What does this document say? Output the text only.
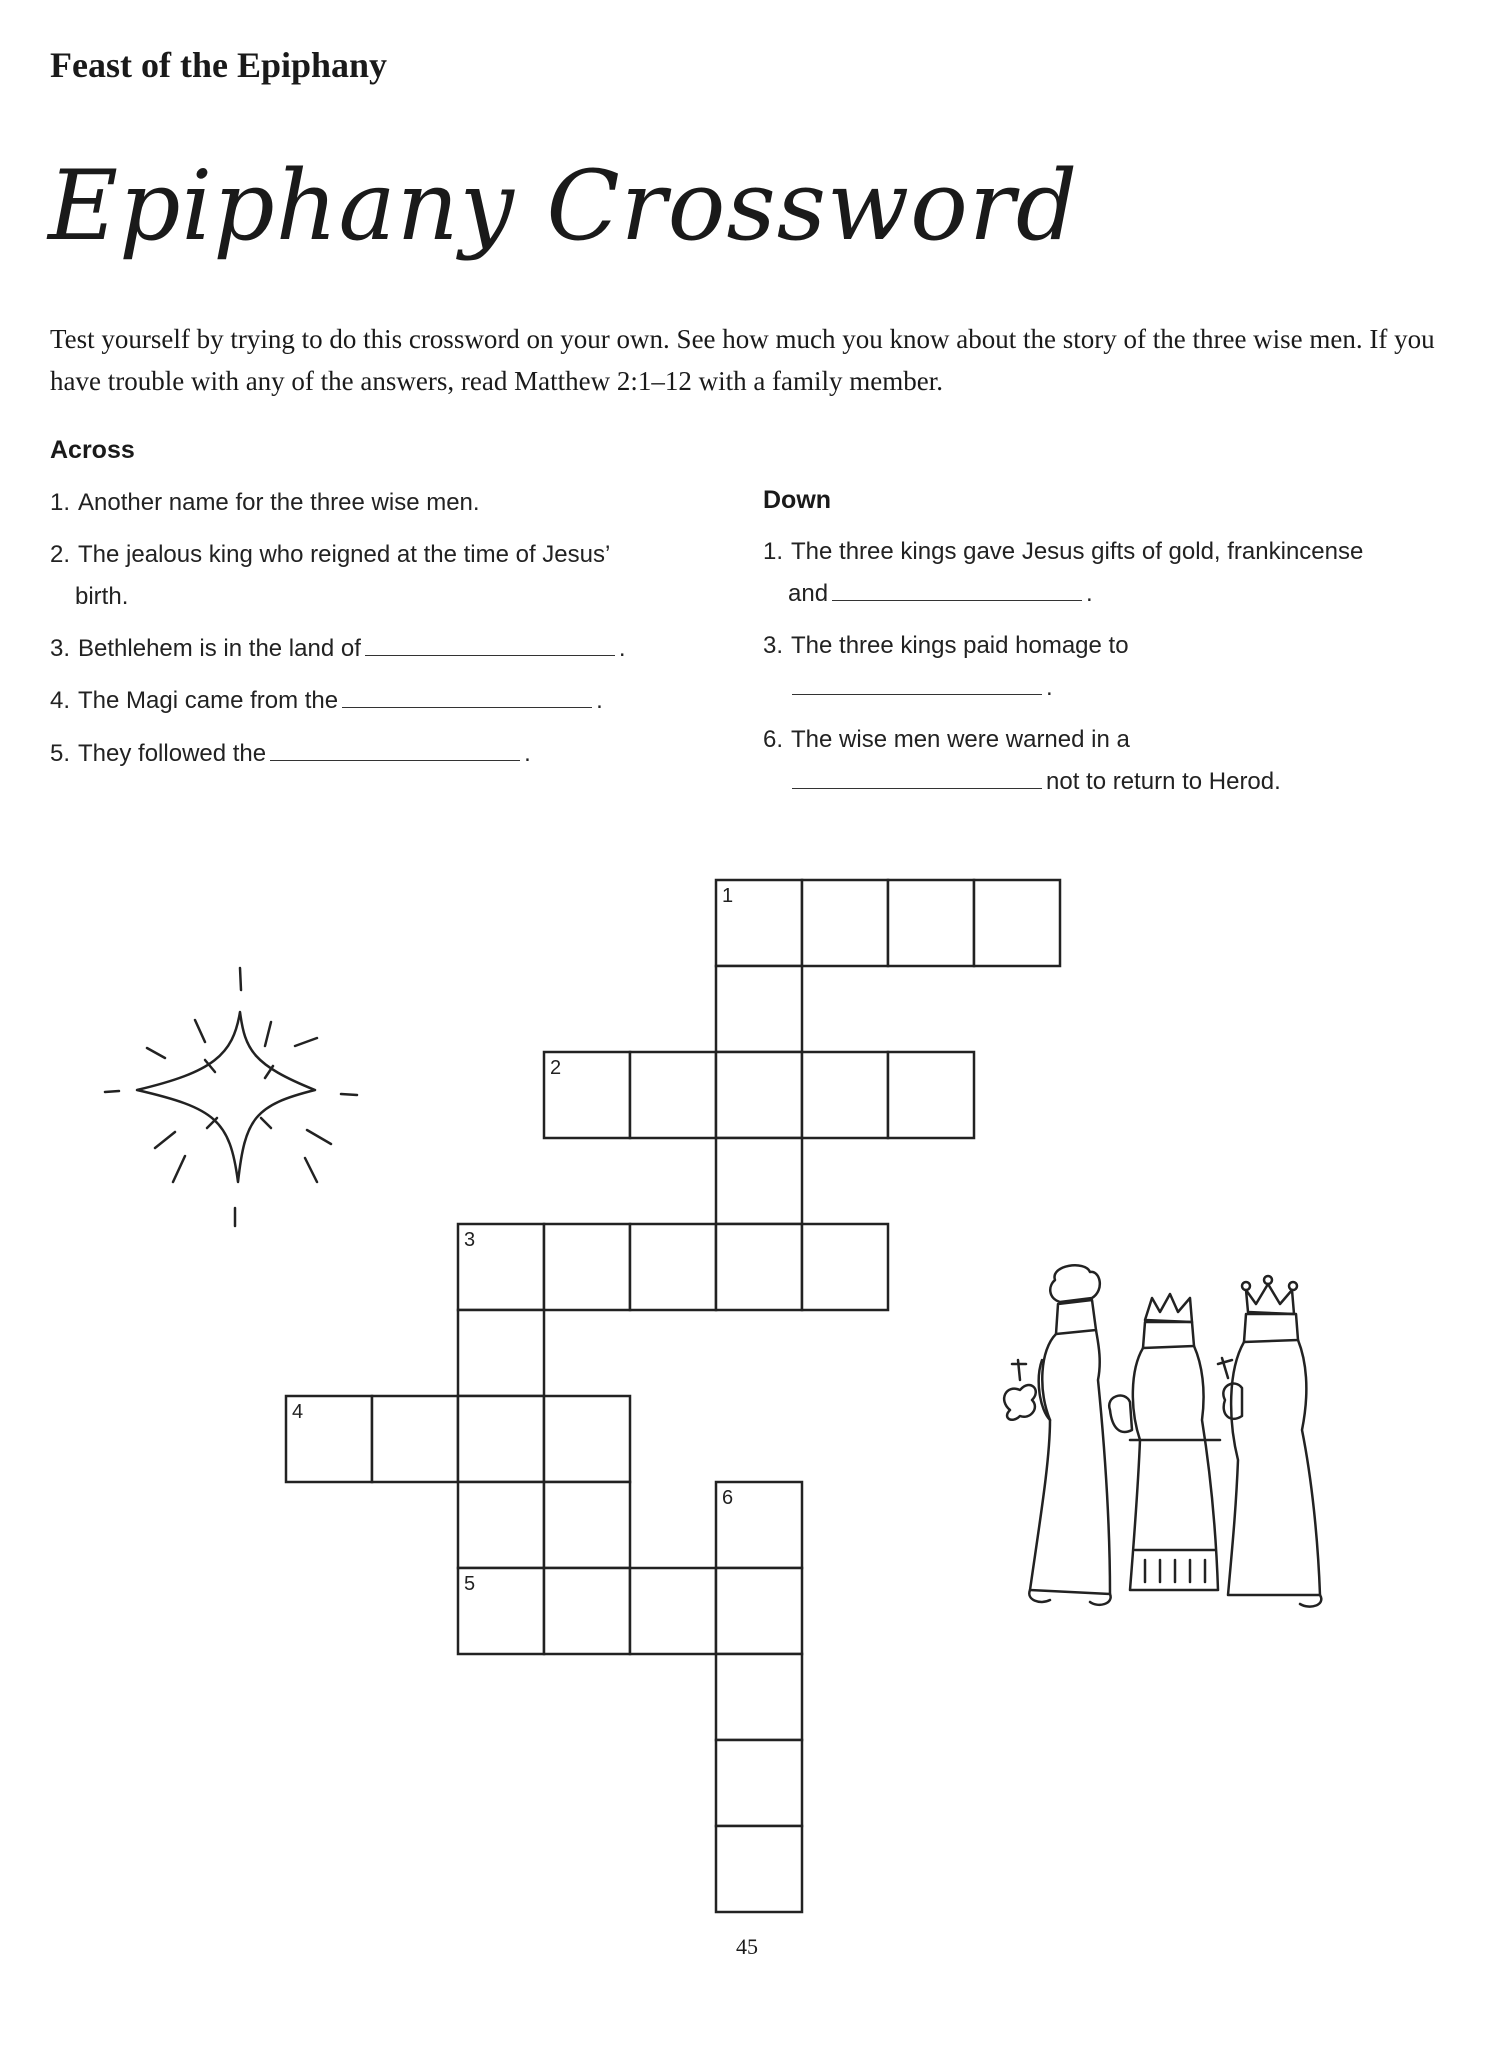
Feast of the Epiphany
Epiphany Crossword
Test yourself by trying to do this crossword on your own. See how much you know about the story of the three wise men. If you have trouble with any of the answers, read Matthew 2:1–12 with a family member.
Across
1. Another name for the three wise men.
2. The jealous king who reigned at the time of Jesus’
birth.
3. Bethlehem is in the land of	.
4. The Magi came from the	.
5. They followed the	.
Down
1. The three kings gave Jesus gifts of gold, frankincense
and	.
3. The three kings paid homage to
.
6. The wise men were warned in a
not to return to Herod.
1
2
3
4
6
5
45
